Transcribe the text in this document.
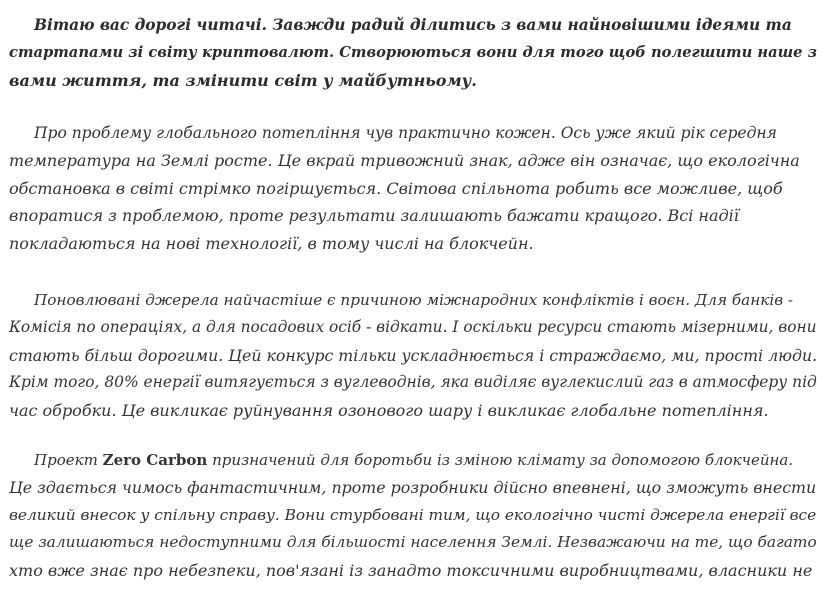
Вітаю вас дорогі читачі. Завжди радий ділитись з вами найновішими ідеями та
стартапами зі світу криптовалют. Створюються вони для того щоб полегшити наше з
вами життя, та змінити світ у майбутньому.

Про проблему глобального потепління чув практично кожен. Ось уже який рік середня
температура на Землі росте. Це вкрай тривожний знак, адже він означає, що екологічна
обстановка в світі стрімко погіршується. Світова спільнота робить все можливе, щоб
впоратися з проблемою, проте результати залишають бажати кращого. Всі надії
покладаються на нові технології, в тому числі на блокчейн.

Поновлювані джерела найчастіше є причиною міжнародних конфліктів і воєн. Для банків -
Комісія по операціях, а для посадових осіб - відкати. І оскільки ресурси стають мізерними, вони
стають більш дорогими. Цей конкурс тільки ускладнюється і страждаємо, ми, прості люди.
Крім того, 80% енергії витягується з вуглеводнів, яка виділяє вуглекислий газ в атмосферу під
час обробки. Це викликає руйнування озонового шару і викликає глобальне потепління.

Проект Zero Carbon призначений для боротьби із зміною клімату за допомогою блокчейна.
Це здається чимось фантастичним, проте розробники дійсно впевнені, що зможуть внести
великий внесок у спільну справу. Вони стурбовані тим, що екологічно чисті джерела енергії все
ще залишаються недоступними для більшості населення Землі. Незважаючи на те, що багато
хто вже знає про небезпеки, пов'язані із занадто токсичними виробництвами, власники не
